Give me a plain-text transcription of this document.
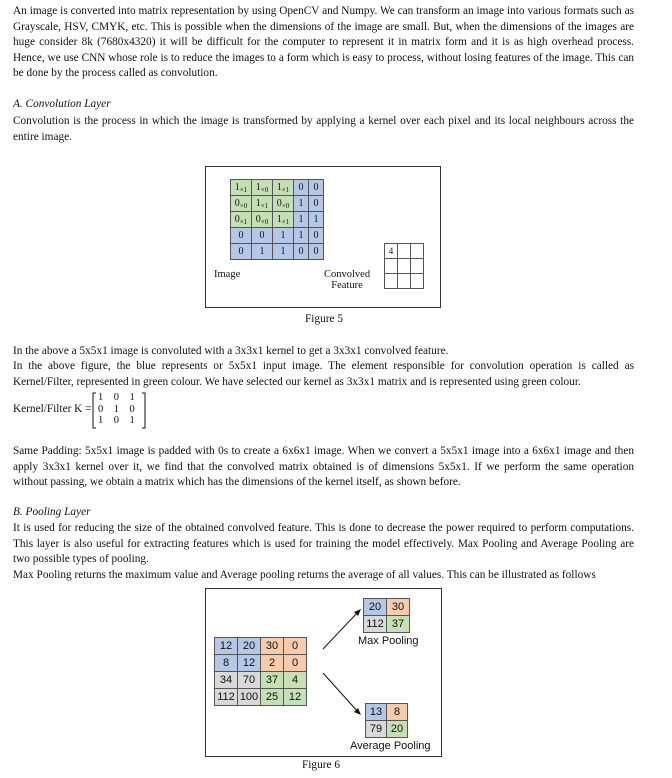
An image is converted into matrix representation by using OpenCV and Numpy. We can transform an image into various formats such as Grayscale, HSV, CMYK, etc. This is possible when the dimensions of the image are small. But, when the dimensions of the images are huge consider 8k (7680x4320) it will be difficult for the computer to represent it in matrix form and it is as high overhead process. Hence, we use CNN whose role is to reduce the images to a form which is easy to process, without losing features of the image. This can be done by the process called as convolution.

A. Convolution Layer

Convolution is the process in which the image is transformed by applying a kernel over each pixel and its local neighbours across the entire image.

$1_{\times 1}$	$1_{\times 0}$	$1_{\times 1}$	0	0
$0_{\times 0}$	$1_{\times 1}$	$0_{\times 0}$	1	0
$0_{\times 1}$	$0_{\times 0}$	$1_{\times 1}$	1	1
0	0	1	1	0
0	1	1	0	0
Image	Convolved
Feature
4		

Figure 5

In the above a 5x5x1 image is convoluted with a 3x3x1 kernel to get a 3x3x1 convolved feature.

In the above figure, the blue represents or 5x5x1 input image. The element responsible for convolution operation is called as Kernel/Filter, represented in green colour. We have selected our kernel as 3x3x1 matrix and is represented using green colour.

Kernel/Filter K =
1    0    1
0    1    0
1    0    1

Same Padding: 5x5x1 image is padded with 0s to create a 6x6x1 image. When we convert a 5x5x1 image into a 6x6x1 image and then apply 3x3x1 kernel over it, we find that the convolved matrix obtained is of dimensions 5x5x1. If we perform the same operation without passing, we obtain a matrix which has the dimensions of the kernel itself, as shown before.

B. Pooling Layer

It is used for reducing the size of the obtained convolved feature. This is done to decrease the power required to perform computations. This layer is also useful for extracting features which is used for training the model effectively. Max Pooling and Average Pooling are two possible types of pooling.

Max Pooling returns the maximum value and Average pooling returns the average of all values. This can be illustrated as follows

12	20	30	0
8	12	2	0
34	70	37	4
112	100	25	12
20	30
112	37
Max Pooling
13	8
79	20
Average Pooling
Figure 6
